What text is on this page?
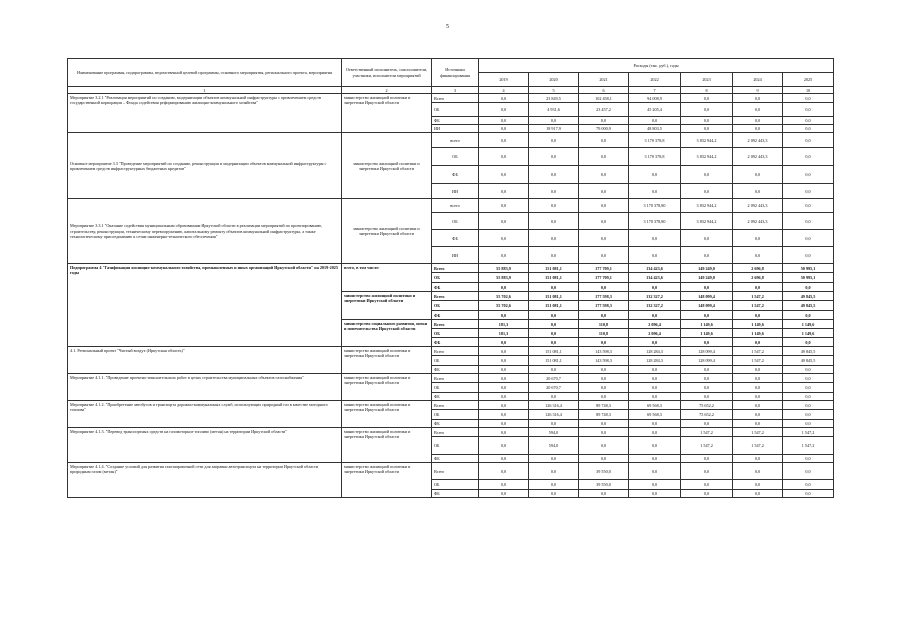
5
Наименование программы, подпрограммы, ведомственной целевой программы, основного мероприятия, регионального проекта, мероприятия	Ответственный исполнитель, соисполнители, участники, исполнители мероприятий	Источники финансирования	Расходы (тыс. руб.), годы						
			2019	2020	2021	2022	2023	2024	2025
1	2	3	4	5	6	7	8	9	10
Мероприятие 3.2.1 "Реализация мероприятий по созданию, модернизации объектов коммунальной инфраструктуры с привлечением средств государственной корпорации – Фонда содействия реформированию жилищно-коммунального хозяйства"	министерство жилищной политики и энергетики Иркутской области	Всего	0,0	23 849,5	102 458,1	94 008,9	0,0	0,0	0,0
		ОБ	0,0	4 931,6	23 457,2	45 205,4	0,0	0,0	0,0
		ФБ	0,0	0,0	0,0	0,0	0,0	0,0	0,0
		ИИ	0,0	18 917,9	79 000,9	48 803,5	0,0	0,0	0,0
Основное мероприятие 3.3 "Проведение мероприятий по созданию, реконструкции и модернизации объектов коммунальной инфраструктуры с привлечением средств инфраструктурных бюджетных кредитов"	министерство жилищной политики и энергетики Иркутской области	всего	0,0	0,0	0,0	3 170 378,8	3 832 944,2	2 092 443,3	0,0
		ОБ	0,0	0,0	0,0	3 170 378,8	3 832 944,2	2 092 443,3	0,0
		ФБ	0,0	0,0	0,0	0,0	0,0	0,0	0,0
		ИИ	0,0	0,0	0,0	0,0	0,0	0,0	0,0
Мероприятие 3.3.1 "Оказание содействия муниципальным образованиям Иркутской области в реализации мероприятий по проектированию, строительству, реконструкции, техническому перевооружению, капитальному ремонту объектов коммунальной инфраструктуры, а также технологическому присоединению к сетям инженерно-технического обеспечения"	министерство жилищной политики и энергетики Иркутской области	всего	0,0	0,0	0,0	3 170 378,80	3 832 944,2	2 092 443,3	0,0
		ОБ	0,0	0,0	0,0	3 170 378,80	3 832 944,2	2 092 443,3	0,0
		ФБ	0,0	0,0	0,0	0,0	0,0	0,0	0,0
		ИИ	0,0	0,0	0,0	0,0	0,0	0,0	0,0
Подпрограмма 4 "Газификация жилищно-коммунального хозяйства, промышленных и иных организаций Иркутской области" на 2019-2025 годы	всего, в том числе:	Всего	55 883,9	151 081,1	177 709,1	134 423,6	149 249,0	2 696,8	50 995,1
		ОБ	55 883,9	151 081,1	177 709,1	134 423,6	149 249,0	2 696,8	50 995,1
		ФБ	0,0	0,0	0,0	0,0	0,0	0,0	0,0
	министерство жилищной политики и энергетики Иркутской области	Всего	55 702,6	151 081,1	177 598,3	132 327,2	148 099,4	1 547,2	49 845,5
		ОБ	55 702,6	151 081,1	177 598,3	132 327,2	148 099,4	1 547,2	49 845,5
		ФБ	0,0	0,0	0,0	0,0	0,0	0,0	0,0
	министерство социального развития, опеки и попечительства Иркутской области	Всего	181,3	0,0	110,8	2 096,4	1 149,6	1 149,6	1 149,6
		ОБ	181,3	0,0	110,8	2 096,4	1 149,6	1 149,6	1 149,6
		ФБ	0,0	0,0	0,0	0,0	0,0	0,0	0,0
4.1. Региональный проект "Чистый воздух (Иркутская область)"	министерство жилищной политики и энергетики Иркутской области	Всего	0,0	151 081,1	143 598,3	128 284,3	128 099,4	1 547,2	49 845,5
		ОБ	0,0	151 081,1	143 598,3	128 284,3	128 099,4	1 547,2	49 845,5
		ФБ	0,0	0,0	0,0	0,0	0,0	0,0	0,0
Мероприятие 4.1.1. "Проведение проектно-изыскательских работ в целях строительства муниципальных объектов газоснабжения"	министерство жилищной политики и энергетики Иркутской области	Всего	0,0	20 670,7	0,0	0,0	0,0	0,0	0,0
		ОБ	0,0	20 670,7	0,0	0,0	0,0	0,0	0,0
		ФБ	0,0	0,0	0,0	0,0	0,0	0,0	0,0
Мероприятие 4.1.2. "Приобретение автобусов и транспорта дорожно-коммунальных служб, использующих природный газ в качестве моторного топлива"	министерство жилищной политики и энергетики Иркутской области	Всего	0,0	126 316,4	89 748,3	69 568,3	75 652,2	0,0	0,0
		ОБ	0,0	126 316,4	89 748,3	69 568,3	75 652,2	0,0	0,0
		ФБ	0,0	0,0	0,0	0,0	0,0	0,0	0,0
Мероприятие 4.1.3. "Перевод транспортных средств на газомоторное топливо (метан) на территории Иркутской области"	министерство жилищной политики и энергетики Иркутской области	Всего	0,0	594,0	0,0	0,0	1 547,2	1 547,2	1 547,2
		ОБ	0,0	594,0	0,0	0,0	1 547,2	1 547,2	1 547,2
		ФБ	0,0	0,0	0,0	0,0	0,0	0,0	0,0
Мероприятие 4.1.4. "Создание условий для развития газозаправочной сети для заправки автотранспорта на территории Иркутской области природным газом (метан)"	министерство жилищной политики и энергетики Иркутской области	Всего	0,0	0,0	39 550,0	0,0	0,0	0,0	0,0
		ОБ	0,0	0,0	39 550,0	0,0	0,0	0,0	0,0
		ФБ	0,0	0,0	0,0	0,0	0,0	0,0	0,0
